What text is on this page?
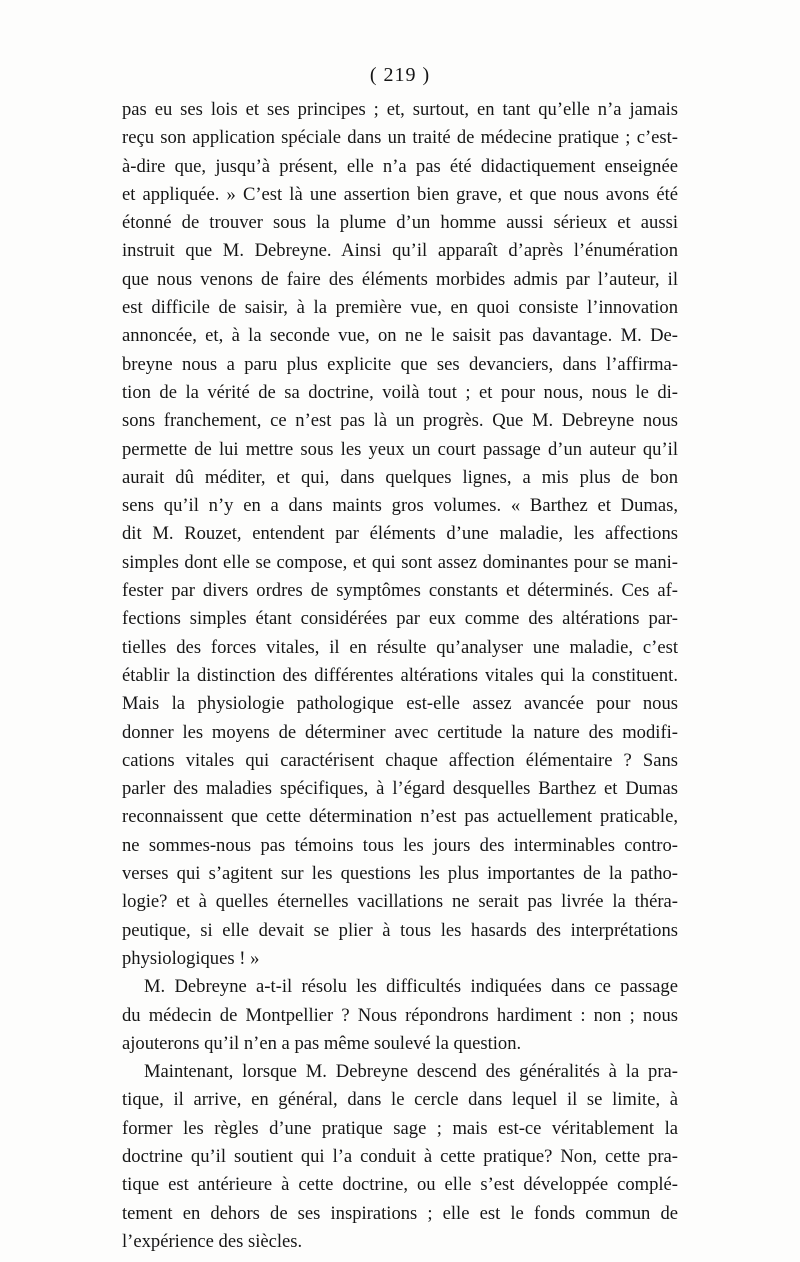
( 219 )
pas eu ses lois et ses principes ; et, surtout, en tant qu’elle n’a jamais
reçu son application spéciale dans un traité de médecine pratique ; c’est-
à-dire que, jusqu’à présent, elle n’a pas été didactiquement enseignée
et appliquée. » C’est là une assertion bien grave, et que nous avons été
étonné de trouver sous la plume d’un homme aussi sérieux et aussi
instruit que M. Debreyne. Ainsi qu’il apparaît d’après l’énumération
que nous venons de faire des éléments morbides admis par l’auteur, il
est difficile de saisir, à la première vue, en quoi consiste l’innovation
annoncée, et, à la seconde vue, on ne le saisit pas davantage. M. De-
breyne nous a paru plus explicite que ses devanciers, dans l’affirma-
tion de la vérité de sa doctrine, voilà tout ; et pour nous, nous le di-
sons franchement, ce n’est pas là un progrès. Que M. Debreyne nous
permette de lui mettre sous les yeux un court passage d’un auteur qu’il
aurait dû méditer, et qui, dans quelques lignes, a mis plus de bon
sens qu’il n’y en a dans maints gros volumes. « Barthez et Dumas,
dit M. Rouzet, entendent par éléments d’une maladie, les affections
simples dont elle se compose, et qui sont assez dominantes pour se mani-
fester par divers ordres de symptômes constants et déterminés. Ces af-
fections simples étant considérées par eux comme des altérations par-
tielles des forces vitales, il en résulte qu’analyser une maladie, c’est
établir la distinction des différentes altérations vitales qui la constituent.
Mais la physiologie pathologique est-elle assez avancée pour nous
donner les moyens de déterminer avec certitude la nature des modifi-
cations vitales qui caractérisent chaque affection élémentaire ? Sans
parler des maladies spécifiques, à l’égard desquelles Barthez et Dumas
reconnaissent que cette détermination n’est pas actuellement praticable,
ne sommes-nous pas témoins tous les jours des interminables contro-
verses qui s’agitent sur les questions les plus importantes de la patho-
logie? et à quelles éternelles vacillations ne serait pas livrée la théra-
peutique, si elle devait se plier à tous les hasards des interprétations
physiologiques ! »
M. Debreyne a-t-il résolu les difficultés indiquées dans ce passage
du médecin de Montpellier ? Nous répondrons hardiment : non ; nous
ajouterons qu’il n’en a pas même soulevé la question.
Maintenant, lorsque M. Debreyne descend des généralités à la pra-
tique, il arrive, en général, dans le cercle dans lequel il se limite, à
former les règles d’une pratique sage ; mais est-ce véritablement la
doctrine qu’il soutient qui l’a conduit à cette pratique? Non, cette pra-
tique est antérieure à cette doctrine, ou elle s’est développée complé-
tement en dehors de ses inspirations ; elle est le fonds commun de
l’expérience des siècles.
